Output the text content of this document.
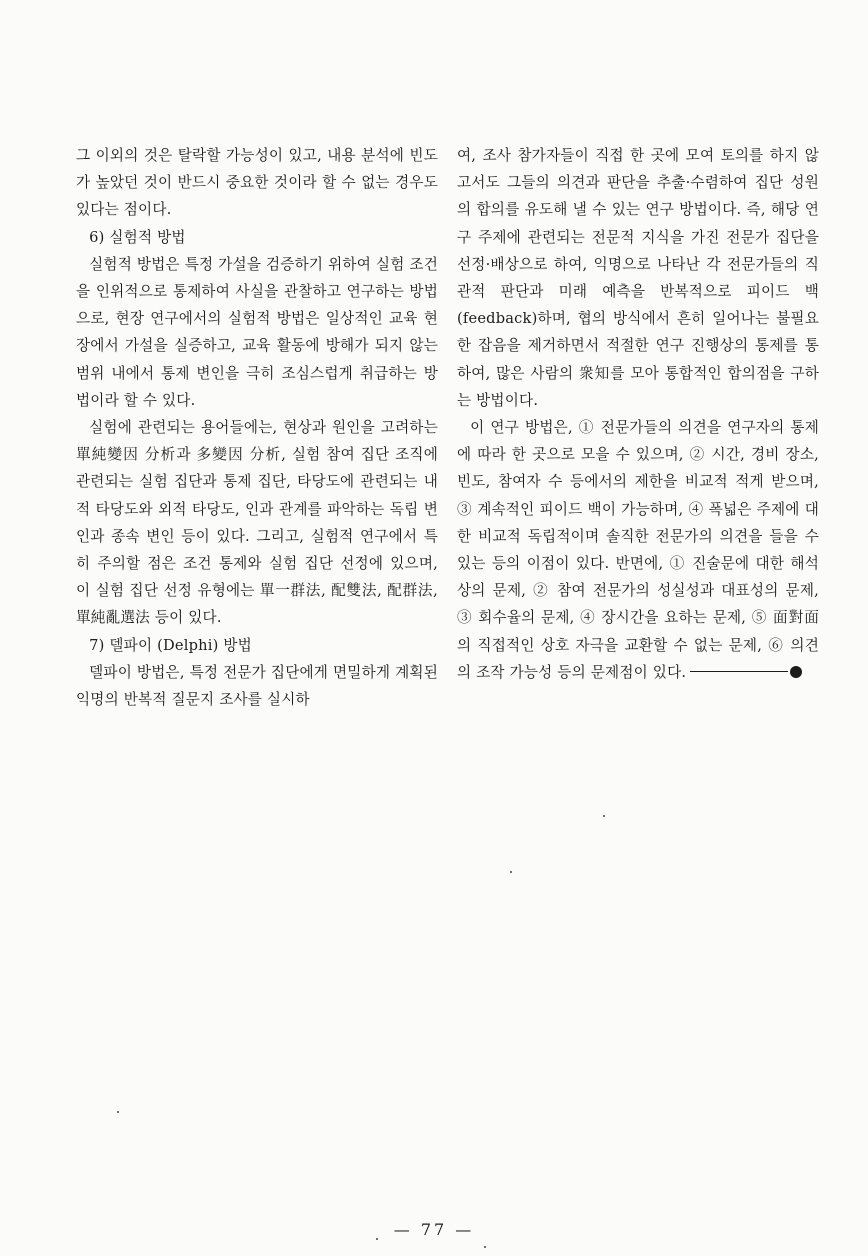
그 이외의 것은 탈락할 가능성이 있고, 내용 분석에 빈도가 높았던 것이 반드시 중요한 것이라 할 수 없는 경우도 있다는 점이다.

6) 실험적 방법

실험적 방법은 특정 가설을 검증하기 위하여 실험 조건을 인위적으로 통제하여 사실을 관찰하고 연구하는 방법으로, 현장 연구에서의 실험적 방법은 일상적인 교육 현장에서 가설을 실증하고, 교육 활동에 방해가 되지 않는 범위 내에서 통제 변인을 극히 조심스럽게 취급하는 방법이라 할 수 있다.

실험에 관련되는 용어들에는, 현상과 원인을 고려하는 單純變因 分析과 多變因 分析, 실험 참여 집단 조직에 관련되는 실험 집단과 통제 집단, 타당도에 관련되는 내적 타당도와 외적 타당도, 인과 관계를 파악하는 독립 변인과 종속 변인 등이 있다. 그리고, 실험적 연구에서 특히 주의할 점은 조건 통제와 실험 집단 선정에 있으며, 이 실험 집단 선정 유형에는 單一群法, 配雙法, 配群法, 單純亂選法 등이 있다.

7) 델파이 (Delphi) 방법

델파이 방법은, 특정 전문가 집단에게 면밀하게 계획된 익명의 반복적 질문지 조사를 실시하

여, 조사 참가자들이 직접 한 곳에 모여 토의를 하지 않고서도 그들의 의견과 판단을 추출·수렴하여 집단 성원의 합의를 유도해 낼 수 있는 연구 방법이다. 즉, 해당 연구 주제에 관련되는 전문적 지식을 가진 전문가 집단을 선정·배상으로 하여, 익명으로 나타난 각 전문가들의 직관적 판단과 미래 예측을 반복적으로 피이드 백(feedback)하며, 협의 방식에서 흔히 일어나는 불필요한 잡음을 제거하면서 적절한 연구 진행상의 통제를 통하여, 많은 사람의 衆知를 모아 통합적인 합의점을 구하는 방법이다.

이 연구 방법은, ① 전문가들의 의견을 연구자의 통제에 따라 한 곳으로 모을 수 있으며, ② 시간, 경비 장소, 빈도, 참여자 수 등에서의 제한을 비교적 적게 받으며, ③ 계속적인 피이드 백이 가능하며, ④ 폭넓은 주제에 대한 비교적 독립적이며 솔직한 전문가의 의견을 들을 수 있는 등의 이점이 있다. 반면에, ① 진술문에 대한 해석상의 문제, ② 참여 전문가의 성실성과 대표성의 문제, ③ 회수율의 문제, ④ 장시간을 요하는 문제, ⑤ 面對面의 직접적인 상호 자극을 교환할 수 없는 문제, ⑥ 의견의 조작 가능성 등의 문제점이 있다.

— 77 —
